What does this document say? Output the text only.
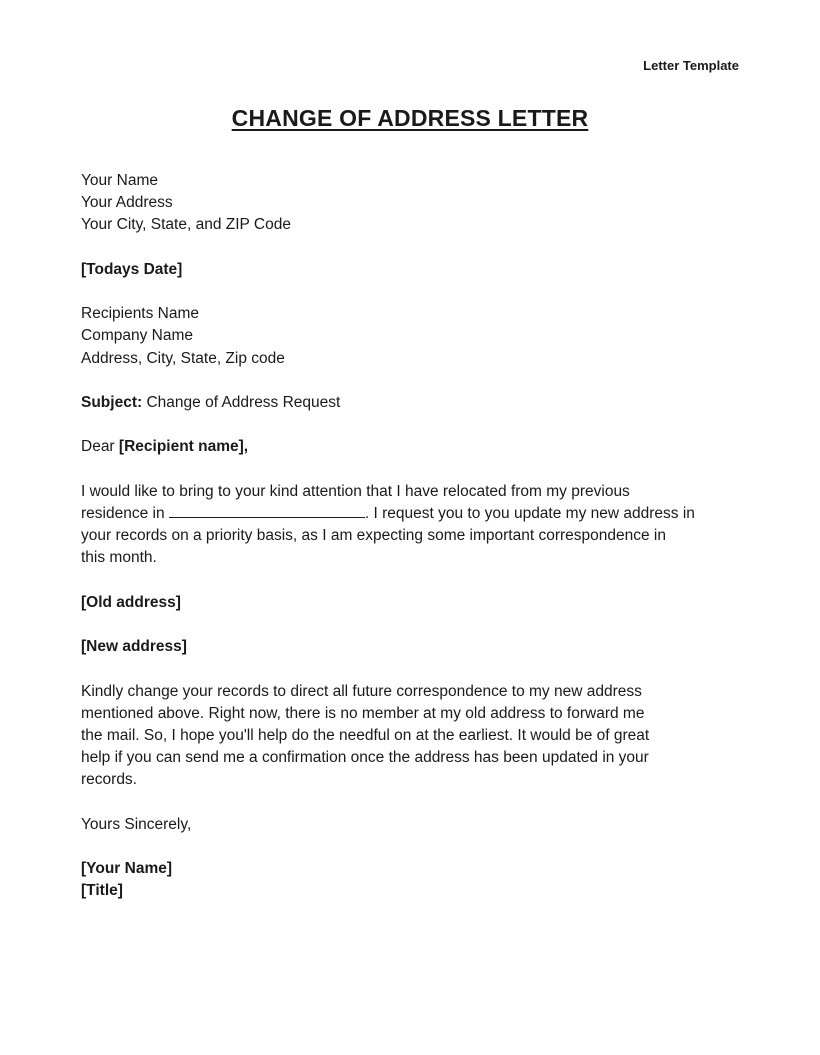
Letter Template
CHANGE OF ADDRESS LETTER
Your Name
Your Address
Your City, State, and ZIP Code
[Todays Date]
Recipients Name
Company Name
Address, City, State, Zip code
Subject: Change of Address Request
Dear [Recipient name],
I would like to bring to your kind attention that I have relocated from my previous
residence in	. I request you to you update my new address in
your records on a priority basis, as I am expecting some important correspondence in
this month.
[Old address]
[New address]
Kindly change your records to direct all future correspondence to my new address
mentioned above. Right now, there is no member at my old address to forward me
the mail. So, I hope you'll help do the needful on at the earliest. It would be of great
help if you can send me a confirmation once the address has been updated in your
records.
Yours Sincerely,
[Your Name]
[Title]
